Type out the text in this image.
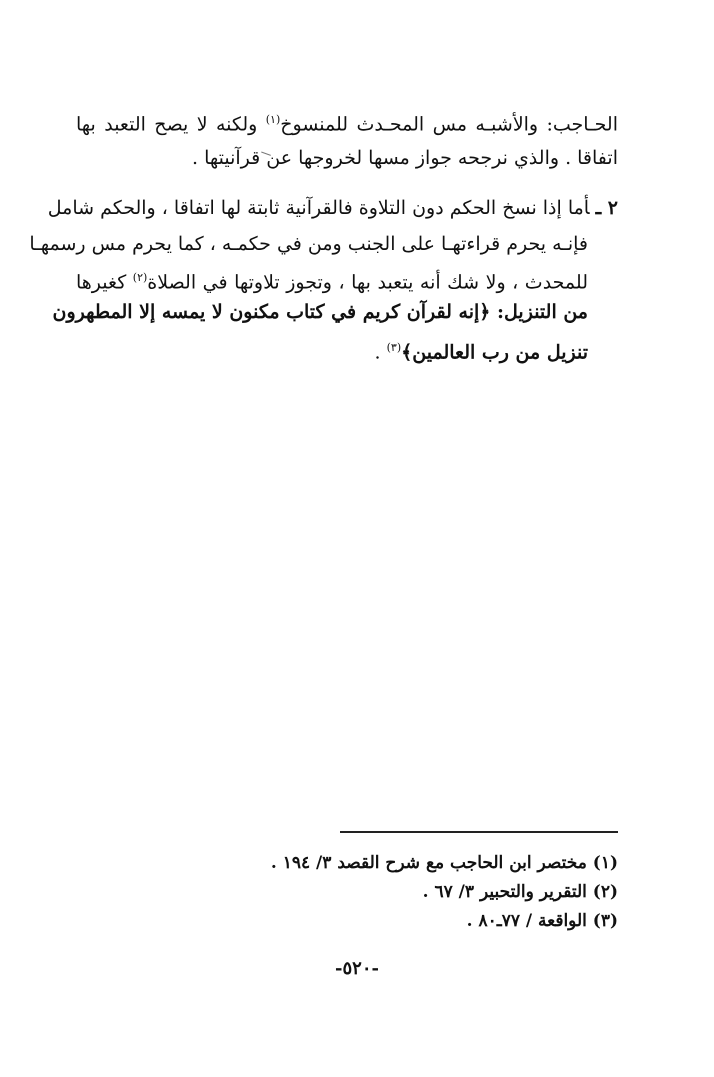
الحـاجب: والأشبـه مس المحـدث للمنسوخ$^{(١)}$ ولكنه لا يصح التعبد بها
اتفاقا . والذي نرجحه جواز مسها لخروجها عن قرآنيتها .
٢ ـأما إذا نسخ الحكم دون التلاوة فالقرآنية ثابتة لها اتفاقا ، والحكم شامل
فإنـه يحرم قراءتهـا على الجنب ومن في حكمـه ، كما يحرم مس رسمهـا
للمحدث ، ولا شك أنه يتعبد بها ، وتجوز تلاوتها في الصلاة$^{(٢)}$ كغيرها
من التنزيل: ﴿إنه لقرآن كريم في كتاب مكنون لا يمسه إلا المطهرون
تنزيل من رب العالمين﴾$^{(٣)}$ .
(١) مختصر ابن الحاجب مع شرح القصد ٣/ ١٩٤ .
(٢) التقرير والتحبير ٣/ ٦٧ .
(٣) الواقعة / ٧٧ـ٨٠ .
-٥٢٠-
